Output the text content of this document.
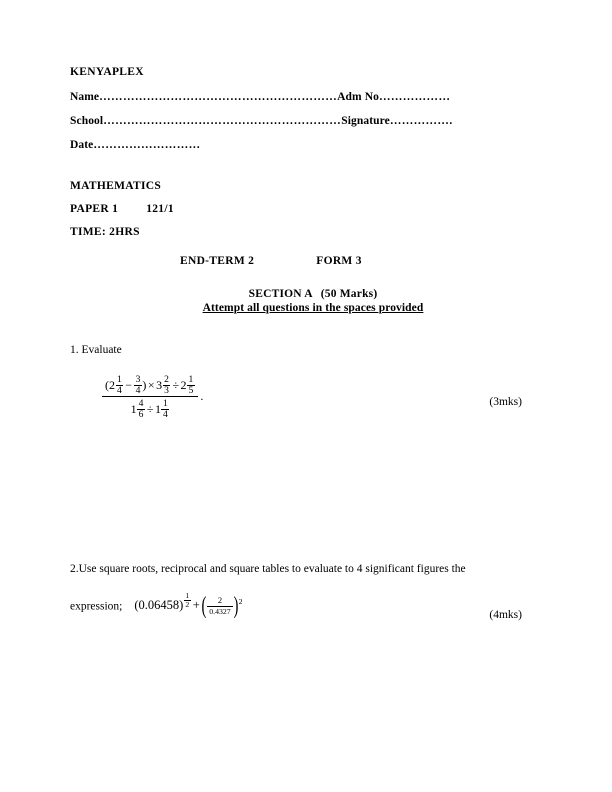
KENYAPLEX
Name……………………………………………………Adm No………………
School……………………………………………………Signature…………….
Date………………………
MATHEMATICS
PAPER 1 121/1
TIME: 2HRS
END-TERM 2	FORM 3
SECTION A (50 Marks)
Attempt all questions in the spaces provided

1. Evaluate

$\frac{(2 \frac{1}{4} - \frac{3}{4} ) \times 3 \frac{2}{3} \div 2 \frac{1}{5}}{1 \frac{4}{6} \div 1 \frac{1}{4}}$ .	(3mks)

2.Use square roots, reciprocal and square tables to evaluate to 4 significant figures the

expression; (0.06458) $^{\frac{1}{2}}$ +( $\frac{2}{0.4327} )^2$
(4mks)
